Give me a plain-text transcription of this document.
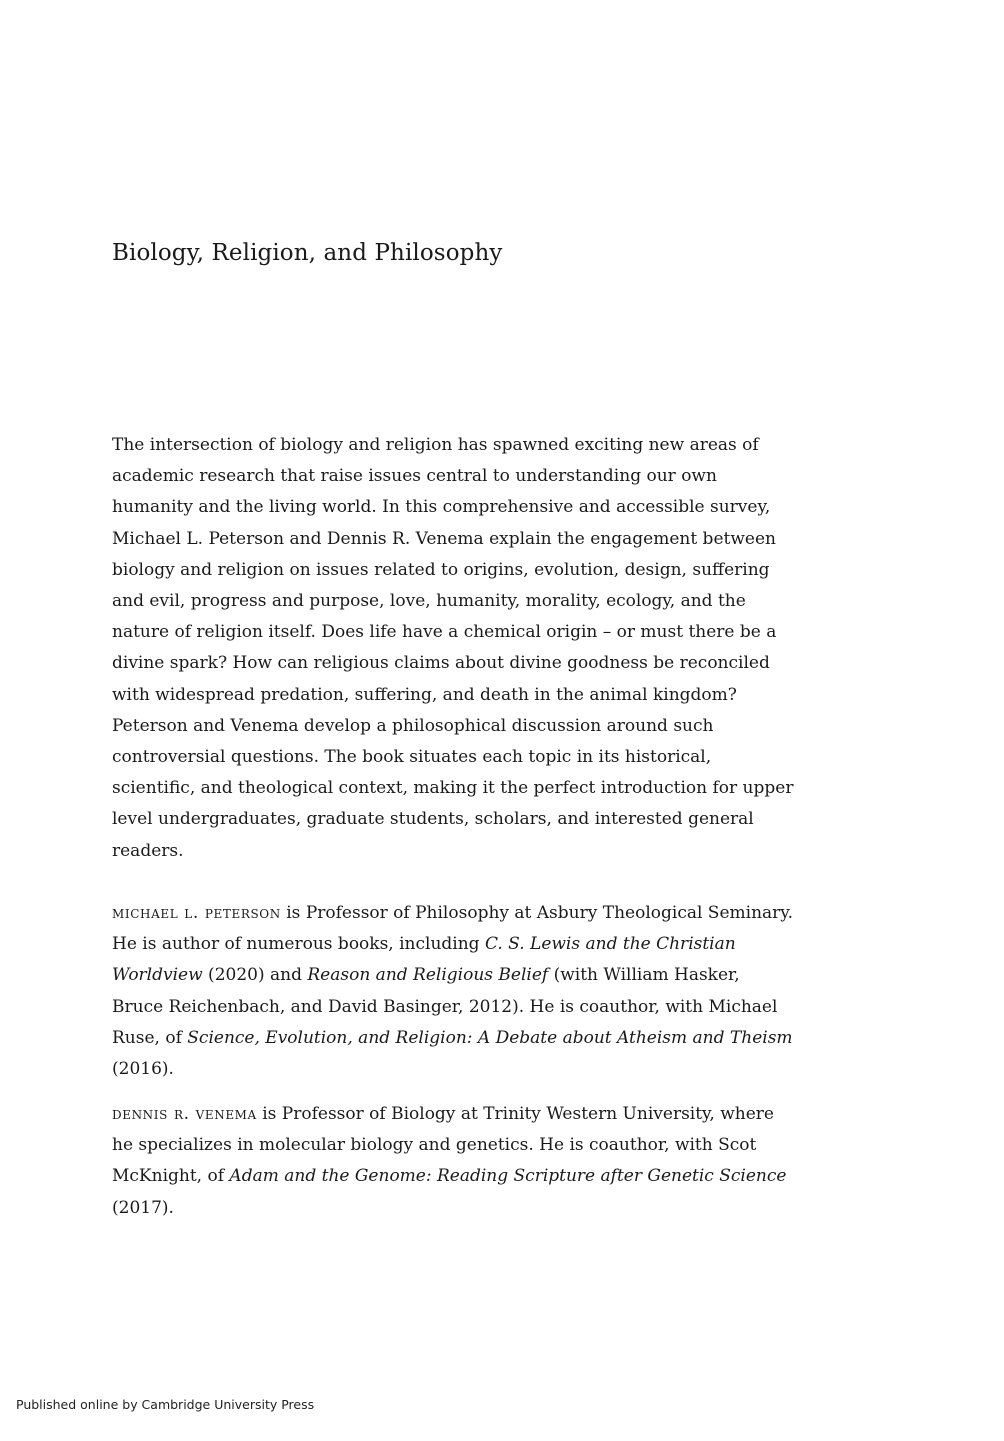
Biology, Religion, and Philosophy

The intersection of biology and religion has spawned exciting new areas of academic research that raise issues central to understanding our own humanity and the living world. In this comprehensive and accessible survey, Michael L. Peterson and Dennis R. Venema explain the engagement between biology and religion on issues related to origins, evolution, design, suffering and evil, progress and purpose, love, humanity, morality, ecology, and the nature of religion itself. Does life have a chemical origin – or must there be a divine spark? How can religious claims about divine goodness be reconciled with widespread predation, suffering, and death in the animal kingdom? Peterson and Venema develop a philosophical discussion around such controversial questions. The book situates each topic in its historical, scientific, and theological context, making it the perfect introduction for upper level undergraduates, graduate students, scholars, and interested general readers.

michael l. peterson is Professor of Philosophy at Asbury Theological Seminary. He is author of numerous books, including C. S. Lewis and the Christian Worldview (2020) and Reason and Religious Belief (with William Hasker, Bruce Reichenbach, and David Basinger, 2012). He is coauthor, with Michael Ruse, of Science, Evolution, and Religion: A Debate about Atheism and Theism (2016).

dennis r. venema is Professor of Biology at Trinity Western University, where he specializes in molecular biology and genetics. He is coauthor, with Scot McKnight, of Adam and the Genome: Reading Scripture after Genetic Science (2017).

Published online by Cambridge University Press
